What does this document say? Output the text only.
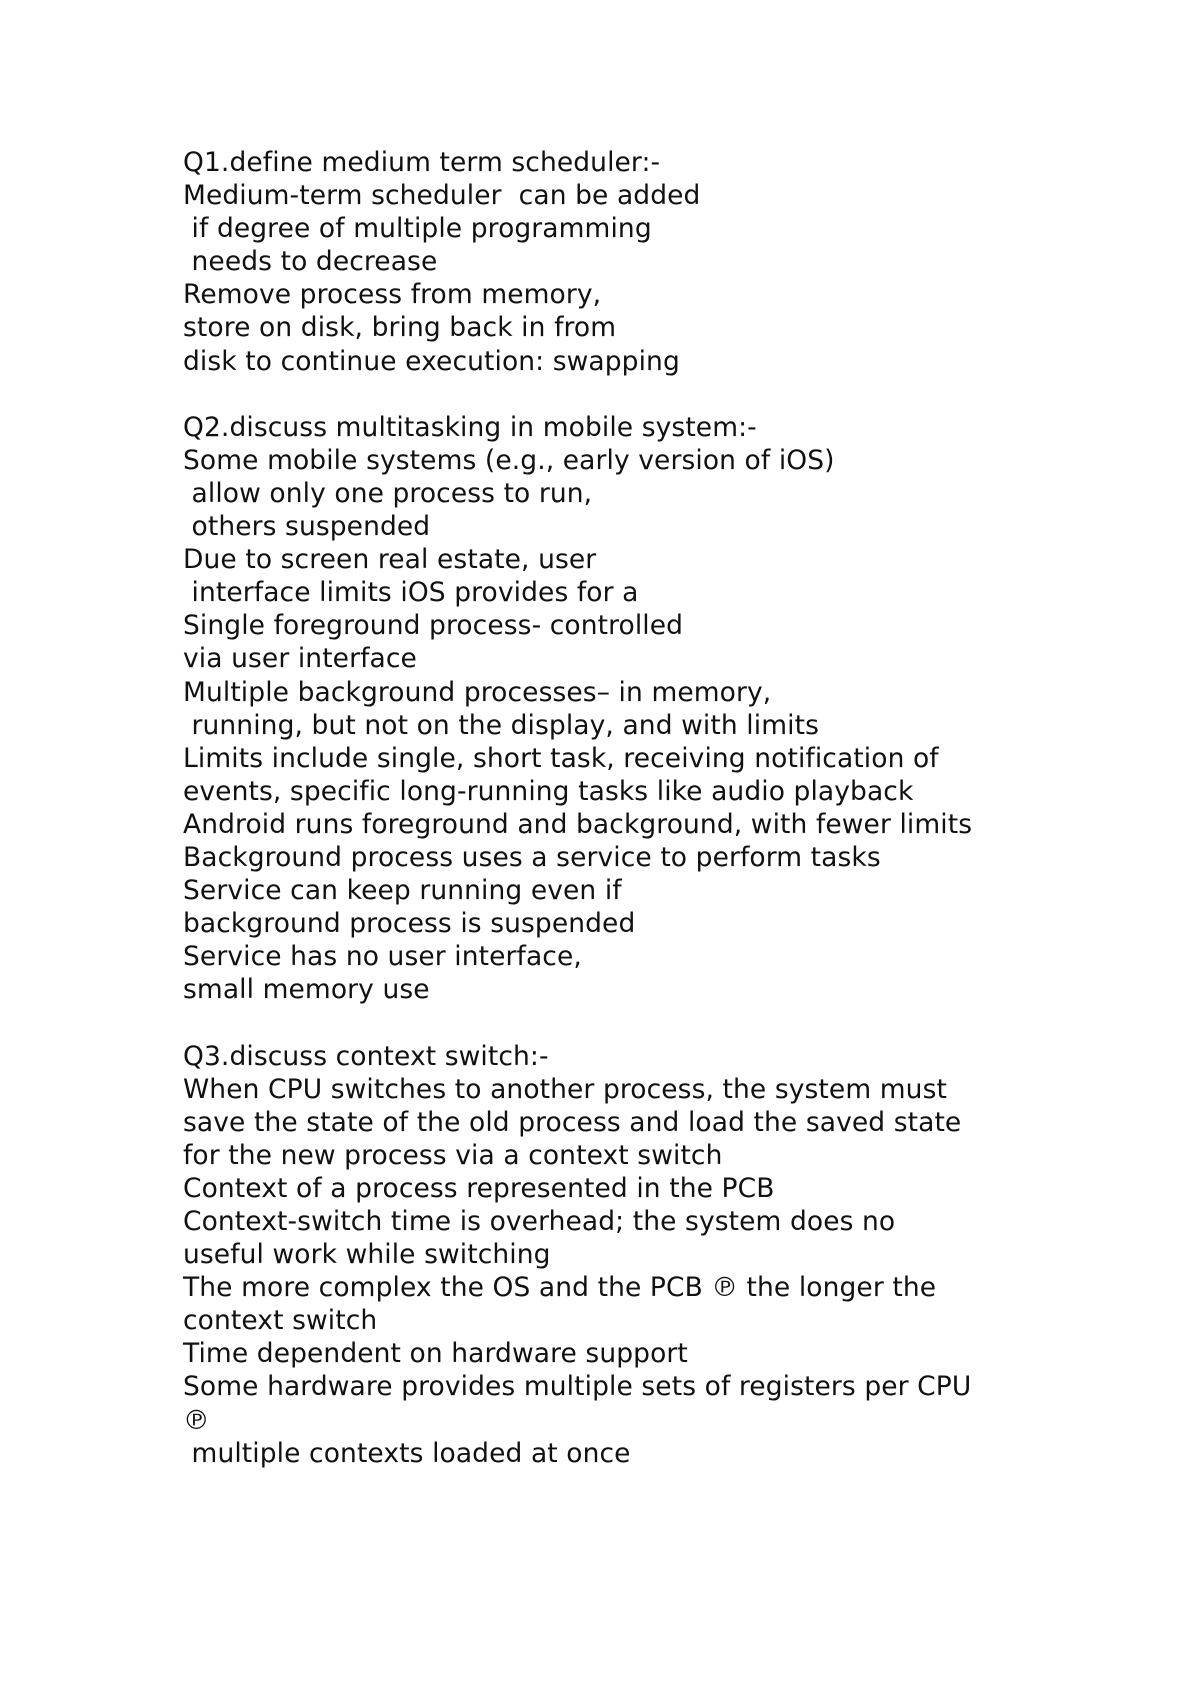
Q1.define medium term scheduler:-
Medium-term scheduler  can be added
if degree of multiple programming
needs to decrease
Remove process from memory,
store on disk, bring back in from
disk to continue execution: swapping
Q2.discuss multitasking in mobile system:-
Some mobile systems (e.g., early version of iOS)
allow only one process to run,
others suspended
Due to screen real estate, user
interface limits iOS provides for a
Single foreground process- controlled
via user interface
Multiple background processes– in memory,
running, but not on the display, and with limits
Limits include single, short task, receiving notification of
events, specific long-running tasks like audio playback
Android runs foreground and background, with fewer limits
Background process uses a service to perform tasks
Service can keep running even if
background process is suspended
Service has no user interface,
small memory use
Q3.discuss context switch:-
When CPU switches to another process, the system must
save the state of the old process and load the saved state
for the new process via a context switch
Context of a process represented in the PCB
Context-switch time is overhead; the system does no
useful work while switching
The more complex the OS and the PCB ℗ the longer the
context switch
Time dependent on hardware support
Some hardware provides multiple sets of registers per CPU
℗
multiple contexts loaded at once
